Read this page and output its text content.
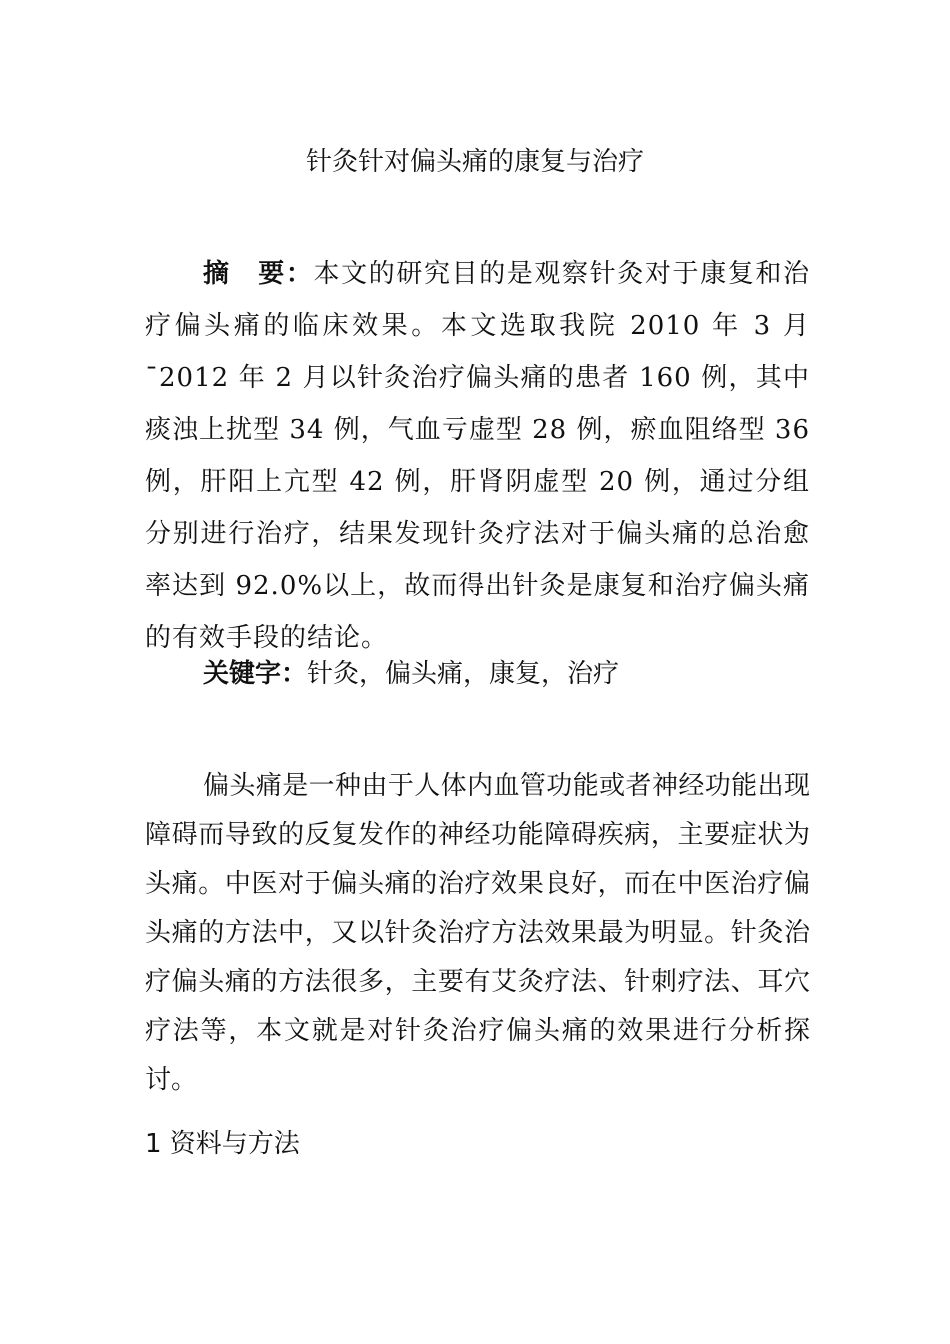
针灸针对偏头痛的康复与治疗
摘　要：本文的研究目的是观察针灸对于康复和治疗偏头痛的临床效果。本文选取我院 2010 年 3 月¯2012 年 2 月以针灸治疗偏头痛的患者 160 例，其中痰浊上扰型 34 例，气血亏虚型 28 例，瘀血阻络型 36 例，肝阳上亢型 42 例，肝肾阴虚型 20 例，通过分组分别进行治疗，结果发现针灸疗法对于偏头痛的总治愈率达到 92.0%以上，故而得出针灸是康复和治疗偏头痛的有效手段的结论。
关键字：针灸，偏头痛，康复，治疗
偏头痛是一种由于人体内血管功能或者神经功能出现障碍而导致的反复发作的神经功能障碍疾病，主要症状为头痛。中医对于偏头痛的治疗效果良好，而在中医治疗偏头痛的方法中，又以针灸治疗方法效果最为明显。针灸治疗偏头痛的方法很多，主要有艾灸疗法、针刺疗法、耳穴疗法等，本文就是对针灸治疗偏头痛的效果进行分析探讨。
1 资料与方法
